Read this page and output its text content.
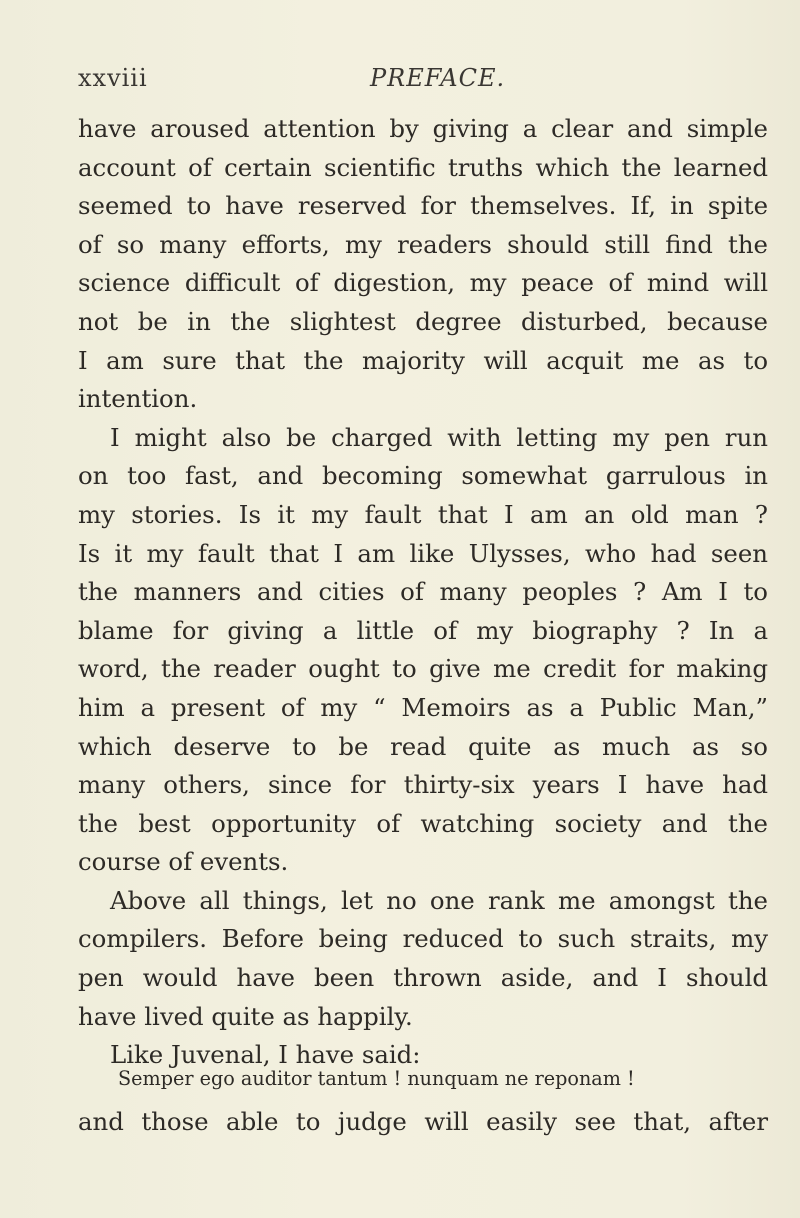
xxviii	PREFACE.
have aroused attention by giving a clear and simple
account of certain scientific truths which the learned
seemed to have reserved for themselves. If, in spite
of so many efforts, my readers should still find the
science difficult of digestion, my peace of mind will
not be in the slightest degree disturbed, because
I am sure that the majority will acquit me as to
intention.
I might also be charged with letting my pen run
on too fast, and becoming somewhat garrulous in
my stories. Is it my fault that I am an old man ?
Is it my fault that I am like Ulysses, who had seen
the manners and cities of many peoples ? Am I to
blame for giving a little of my biography ? In a
word, the reader ought to give me credit for making
him a present of my “ Memoirs as a Public Man,”
which deserve to be read quite as much as so
many others, since for thirty-six years I have had
the best opportunity of watching society and the
course of events.
Above all things, let no one rank me amongst the
compilers. Before being reduced to such straits, my
pen would have been thrown aside, and I should
have lived quite as happily.
Like Juvenal, I have said:
Semper ego auditor tantum ! nunquam ne reponam !
and those able to judge will easily see that, after
